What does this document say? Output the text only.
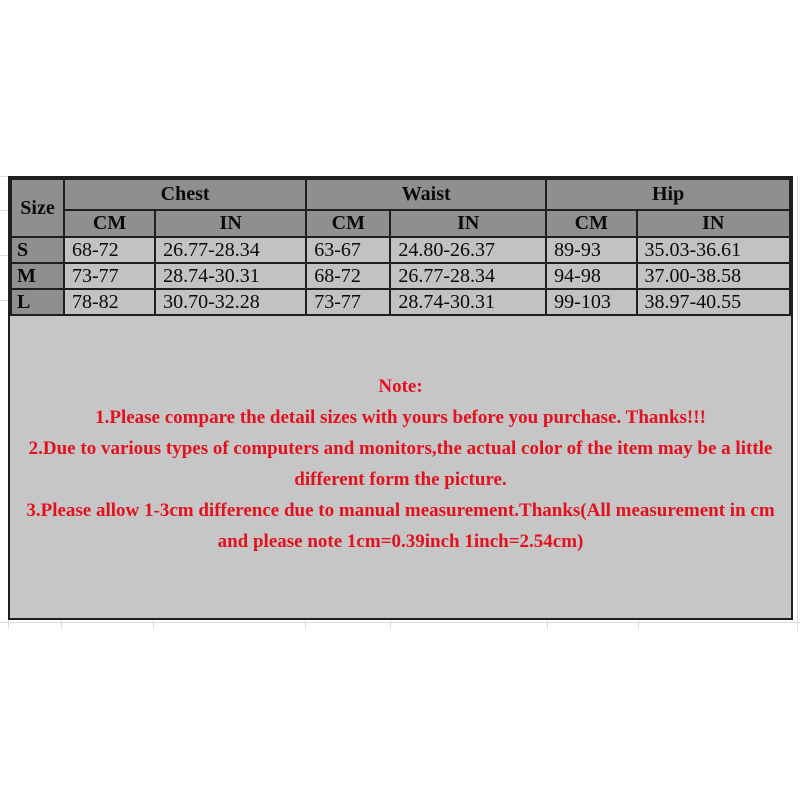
Size	Chest		Waist		Hip	
	CM	IN	CM	IN	CM	IN
S	68-72	26.77-28.34	63-67	24.80-26.37	89-93	35.03-36.61
M	73-77	28.74-30.31	68-72	26.77-28.34	94-98	37.00-38.58
L	78-82	30.70-32.28	73-77	28.74-30.31	99-103	38.97-40.55

Note:

1.Please compare the detail sizes with yours before you purchase. Thanks!!!

2.Due to various types of computers and monitors,the actual color of the item may be a little different form the picture.

3.Please allow 1-3cm difference due to manual measurement.Thanks(All measurement in cm and please note 1cm=0.39inch 1inch=2.54cm)
